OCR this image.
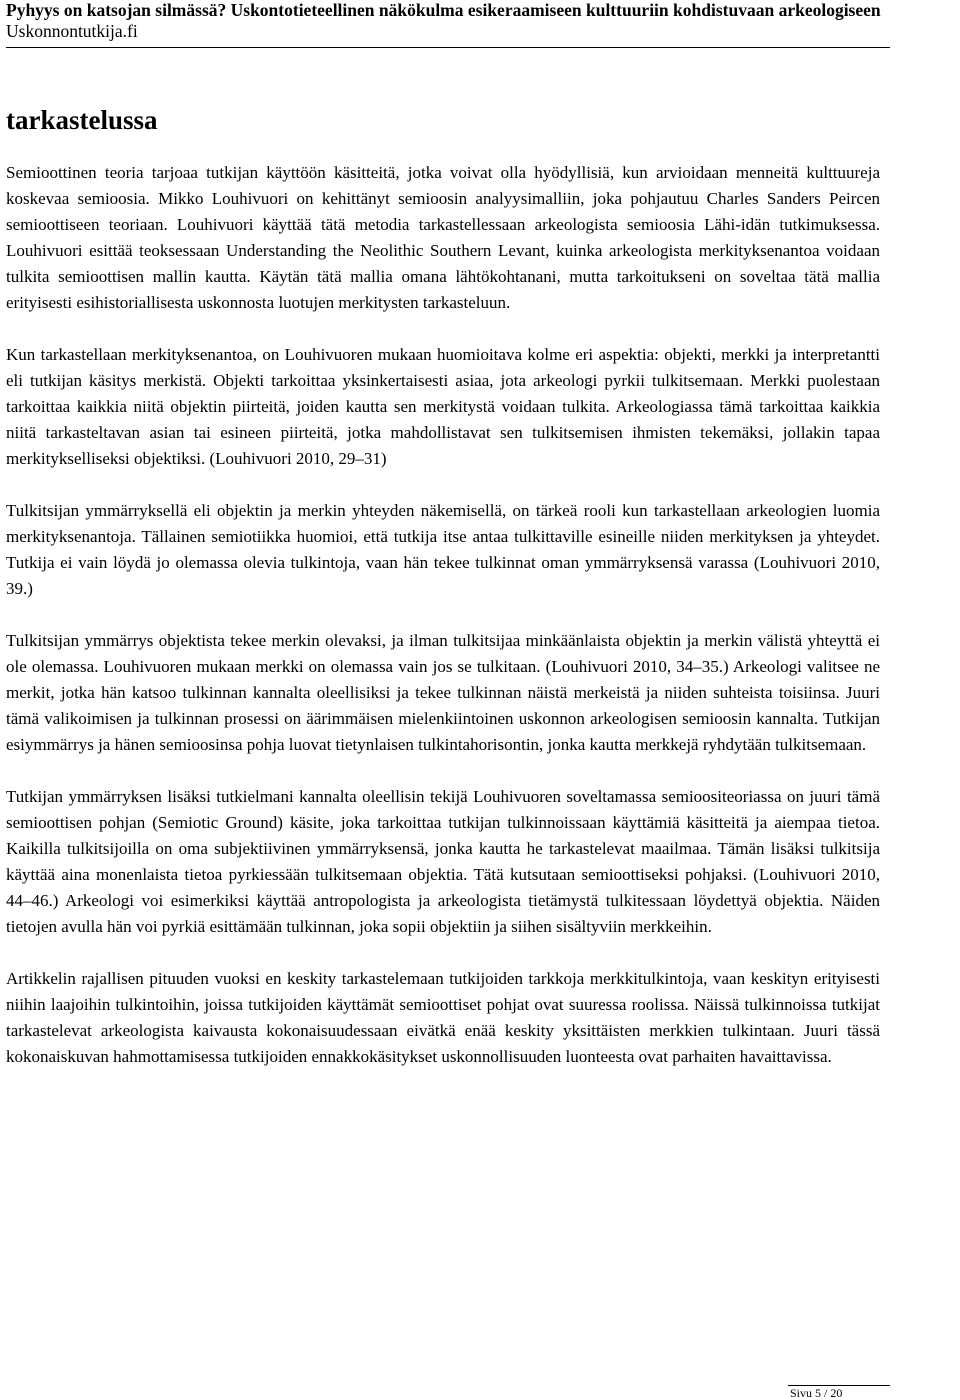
Pyhyys on katsojan silmässä? Uskontotieteellinen näkökulma esikeraamiseen kulttuuriin kohdistuvaan arkeologiseen
Uskonnontutkija.fi
tarkastelussa

Semioottinen teoria tarjoaa tutkijan käyttöön käsitteitä, jotka voivat olla hyödyllisiä, kun arvioidaan menneitä kulttuureja koskevaa semioosia. Mikko Louhivuori on kehittänyt semioosin analyysimalliin, joka pohjautuu Charles Sanders Peircen semioottiseen teoriaan. Louhivuori käyttää tätä metodia tarkastellessaan arkeologista semioosia Lähi-idän tutkimuksessa. Louhivuori esittää teoksessaan Understanding the Neolithic Southern Levant, kuinka arkeologista merkityksenantoa voidaan tulkita semioottisen mallin kautta. Käytän tätä mallia omana lähtökohtanani, mutta tarkoitukseni on soveltaa tätä mallia erityisesti esihistoriallisesta uskonnosta luotujen merkitysten tarkasteluun.

Kun tarkastellaan merkityksenantoa, on Louhivuoren mukaan huomioitava kolme eri aspektia: objekti, merkki ja interpretantti eli tutkijan käsitys merkistä. Objekti tarkoittaa yksinkertaisesti asiaa, jota arkeologi pyrkii tulkitsemaan. Merkki puolestaan tarkoittaa kaikkia niitä objektin piirteitä, joiden kautta sen merkitystä voidaan tulkita. Arkeologiassa tämä tarkoittaa kaikkia niitä tarkasteltavan asian tai esineen piirteitä, jotka mahdollistavat sen tulkitsemisen ihmisten tekemäksi, jollakin tapaa merkitykselliseksi objektiksi. (Louhivuori 2010, 29–31)

Tulkitsijan ymmärryksellä eli objektin ja merkin yhteyden näkemisellä, on tärkeä rooli kun tarkastellaan arkeologien luomia merkityksenantoja. Tällainen semiotiikka huomioi, että tutkija itse antaa tulkittaville esineille niiden merkityksen ja yhteydet. Tutkija ei vain löydä jo olemassa olevia tulkintoja, vaan hän tekee tulkinnat oman ymmärryksensä varassa (Louhivuori 2010, 39.)

Tulkitsijan ymmärrys objektista tekee merkin olevaksi, ja ilman tulkitsijaa minkäänlaista objektin ja merkin välistä yhteyttä ei ole olemassa. Louhivuoren mukaan merkki on olemassa vain jos se tulkitaan. (Louhivuori 2010, 34–35.) Arkeologi valitsee ne merkit, jotka hän katsoo tulkinnan kannalta oleellisiksi ja tekee tulkinnan näistä merkeistä ja niiden suhteista toisiinsa. Juuri tämä valikoimisen ja tulkinnan prosessi on äärimmäisen mielenkiintoinen uskonnon arkeologisen semioosin kannalta. Tutkijan esiymmärrys ja hänen semioosinsa pohja luovat tietynlaisen tulkintahorisontin, jonka kautta merkkejä ryhdytään tulkitsemaan.

Tutkijan ymmärryksen lisäksi tutkielmani kannalta oleellisin tekijä Louhivuoren soveltamassa semioositeoriassa on juuri tämä semioottisen pohjan (Semiotic Ground) käsite, joka tarkoittaa tutkijan tulkinnoissaan käyttämiä käsitteitä ja aiempaa tietoa. Kaikilla tulkitsijoilla on oma subjektiivinen ymmärryksensä, jonka kautta he tarkastelevat maailmaa. Tämän lisäksi tulkitsija käyttää aina monenlaista tietoa pyrkiessään tulkitsemaan objektia. Tätä kutsutaan semioottiseksi pohjaksi. (Louhivuori 2010, 44–46.) Arkeologi voi esimerkiksi käyttää antropologista ja arkeologista tietämystä tulkitessaan löydettyä objektia. Näiden tietojen avulla hän voi pyrkiä esittämään tulkinnan, joka sopii objektiin ja siihen sisältyviin merkkeihin.

Artikkelin rajallisen pituuden vuoksi en keskity tarkastelemaan tutkijoiden tarkkoja merkkitulkintoja, vaan keskityn erityisesti niihin laajoihin tulkintoihin, joissa tutkijoiden käyttämät semioottiset pohjat ovat suuressa roolissa. Näissä tulkinnoissa tutkijat tarkastelevat arkeologista kaivausta kokonaisuudessaan eivätkä enää keskity yksittäisten merkkien tulkintaan. Juuri tässä kokonaiskuvan hahmottamisessa tutkijoiden ennakkokäsitykset uskonnollisuuden luonteesta ovat parhaiten havaittavissa.

Sivu 5 / 20
